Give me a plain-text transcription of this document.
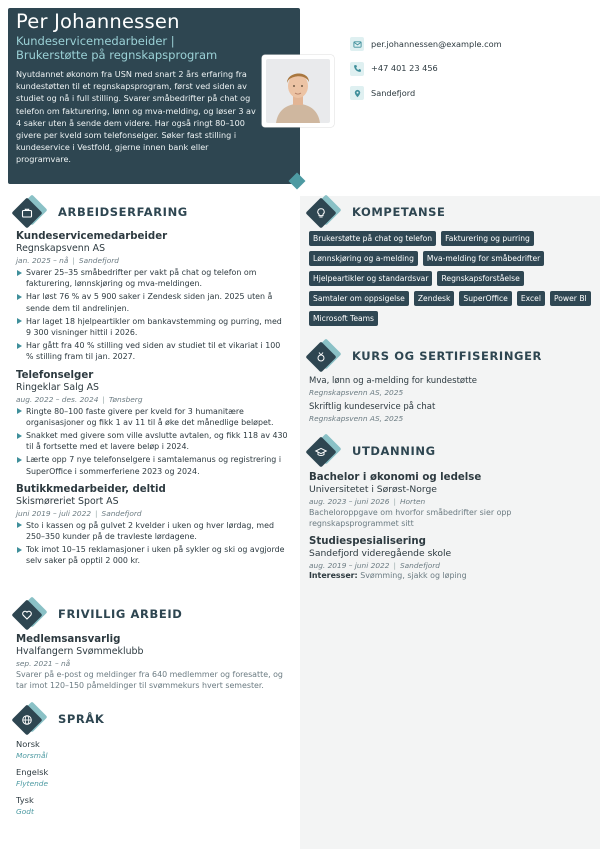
Per Johannessen
Kundeservicemedarbeider |
Brukerstøtte på regnskapsprogram
Nyutdannet økonom fra USN med snart 2 års erfaring fra kundestøtten til et regnskapsprogram, først ved siden av studiet og nå i full stilling. Svarer småbedrifter på chat og telefon om fakturering, lønn og mva-melding, og løser 3 av 4 saker uten å sende dem videre. Har også ringt 80–100 givere per kveld som telefonselger. Søker fast stilling i kundeservice i Vestfold, gjerne innen bank eller programvare.
per.johannessen@example.com
+47 401 23 456
Sandefjord
ARBEIDSERFARING
Kundeservicemedarbeider
Regnskapsvenn AS
jan. 2025 – nå | Sandefjord
Svarer 25–35 småbedrifter per vakt på chat og telefon om fakturering, lønnskjøring og mva-meldingen.
Har løst 76 % av 5 900 saker i Zendesk siden jan. 2025 uten å sende dem til andrelinjen.
Har laget 18 hjelpeartikler om bankavstemming og purring, med 9 300 visninger hittil i 2026.
Har gått fra 40 % stilling ved siden av studiet til et vikariat i 100 % stilling fram til jan. 2027.
Telefonselger
Ringeklar Salg AS
aug. 2022 – des. 2024 | Tønsberg
Ringte 80–100 faste givere per kveld for 3 humanitære organisasjoner og fikk 1 av 11 til å øke det månedlige beløpet.
Snakket med givere som ville avslutte avtalen, og fikk 118 av 430 til å fortsette med et lavere beløp i 2024.
Lærte opp 7 nye telefonselgere i samtalemanus og registrering i SuperOffice i sommerferiene 2023 og 2024.
Butikkmedarbeider, deltid
Skismøreriet Sport AS
juni 2019 – juli 2022 | Sandefjord
Sto i kassen og på gulvet 2 kvelder i uken og hver lørdag, med 250–350 kunder på de travleste lørdagene.
Tok imot 10–15 reklamasjoner i uken på sykler og ski og avgjorde selv saker på opptil 2 000 kr.
FRIVILLIG ARBEID
Medlemsansvarlig
Hvalfangern Svømmeklubb
sep. 2021 – nå
Svarer på e-post og meldinger fra 640 medlemmer og foresatte, og tar imot 120–150 påmeldinger til svømmekurs hvert semester.
SPRÅK
Norsk
Morsmål
Engelsk
Flytende
Tysk
Godt
KOMPETANSE
Brukerstøtte på chat og telefon	Fakturering og purring
Lønnskjøring og a-melding	Mva-melding for småbedrifter
Hjelpeartikler og standardsvar	Regnskapsforståelse
Samtaler om oppsigelse	Zendesk	SuperOffice	Excel	Power BI
Microsoft Teams
KURS OG SERTIFISERINGER
Mva, lønn og a-melding for kundestøtte
Regnskapsvenn AS, 2025
Skriftlig kundeservice på chat
Regnskapsvenn AS, 2025
UTDANNING
Bachelor i økonomi og ledelse
Universitetet i Sørøst-Norge
aug. 2023 – juni 2026 | Horten
Bacheloroppgave om hvorfor småbedrifter sier opp regnskapsprogrammet sitt
Studiespesialisering
Sandefjord videregående skole
aug. 2019 – juni 2022 | Sandefjord
Interesser: Svømming, sjakk og løping
